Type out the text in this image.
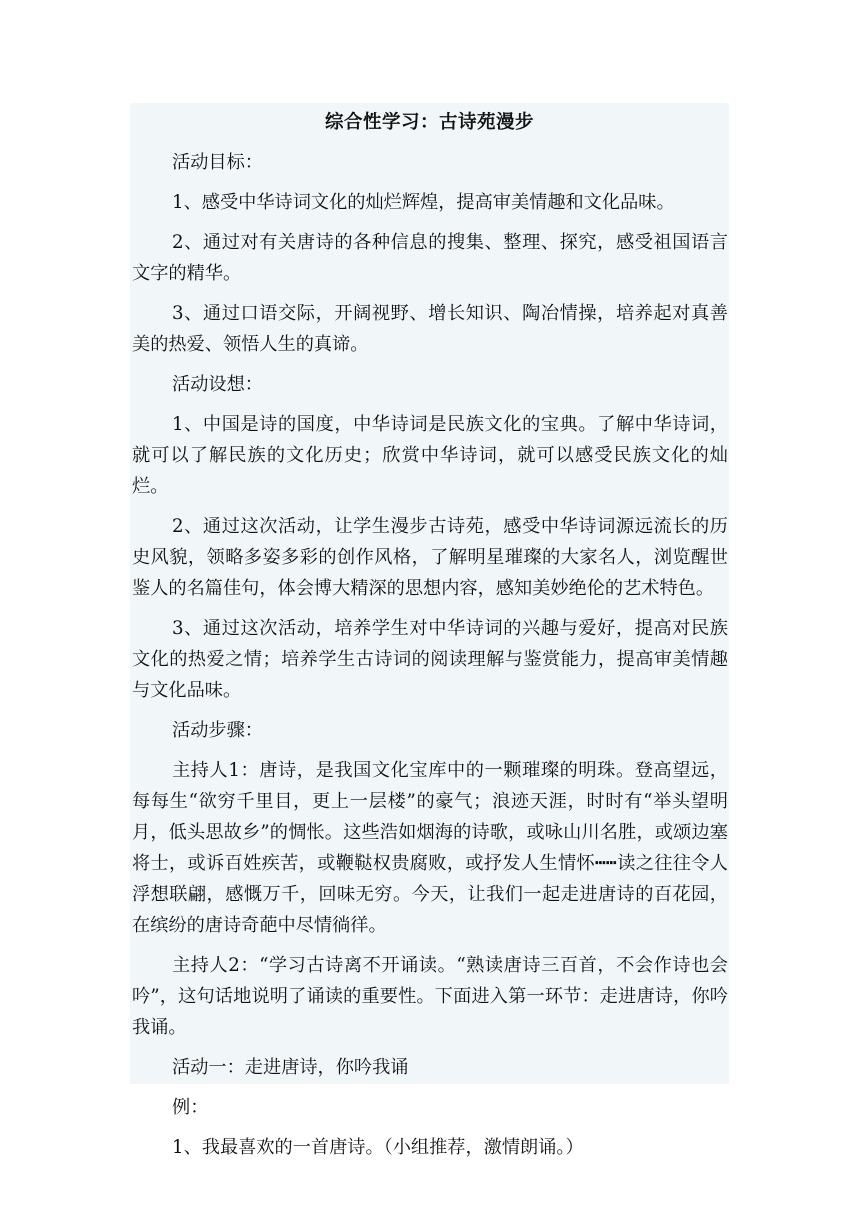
综合性学习：古诗苑漫步

活动目标：

1、感受中华诗词文化的灿烂辉煌，提高审美情趣和文化品味。

2、通过对有关唐诗的各种信息的搜集、整理、探究，感受祖国语言文字的精华。

3、通过口语交际，开阔视野、增长知识、陶冶情操，培养起对真善美的热爱、领悟人生的真谛。

活动设想：

1、中国是诗的国度，中华诗词是民族文化的宝典。了解中华诗词，就可以了解民族的文化历史；欣赏中华诗词，就可以感受民族文化的灿烂。

2、通过这次活动，让学生漫步古诗苑，感受中华诗词源远流长的历史风貌，领略多姿多彩的创作风格，了解明星璀璨的大家名人，浏览醒世鉴人的名篇佳句，体会博大精深的思想内容，感知美妙绝伦的艺术特色。

3、通过这次活动，培养学生对中华诗词的兴趣与爱好，提高对民族文化的热爱之情；培养学生古诗词的阅读理解与鉴赏能力，提高审美情趣与文化品味。

活动步骤：

主持人1：唐诗，是我国文化宝库中的一颗璀璨的明珠。登高望远，每每生“欲穷千里目，更上一层楼”的豪气；浪迹天涯，时时有“举头望明月，低头思故乡”的惆怅。这些浩如烟海的诗歌，或咏山川名胜，或颂边塞将士，或诉百姓疾苦，或鞭鞑权贵腐败，或抒发人生情怀┅┅读之往往令人浮想联翩，感慨万千，回味无穷。今天，让我们一起走进唐诗的百花园，在缤纷的唐诗奇葩中尽情徜徉。

主持人2：“学习古诗离不开诵读。“熟读唐诗三百首，不会作诗也会吟”，这句话地说明了诵读的重要性。下面进入第一环节：走进唐诗，你吟我诵。

活动一：走进唐诗，你吟我诵

例：

1、我最喜欢的一首唐诗。（小组推荐，激情朗诵。）
